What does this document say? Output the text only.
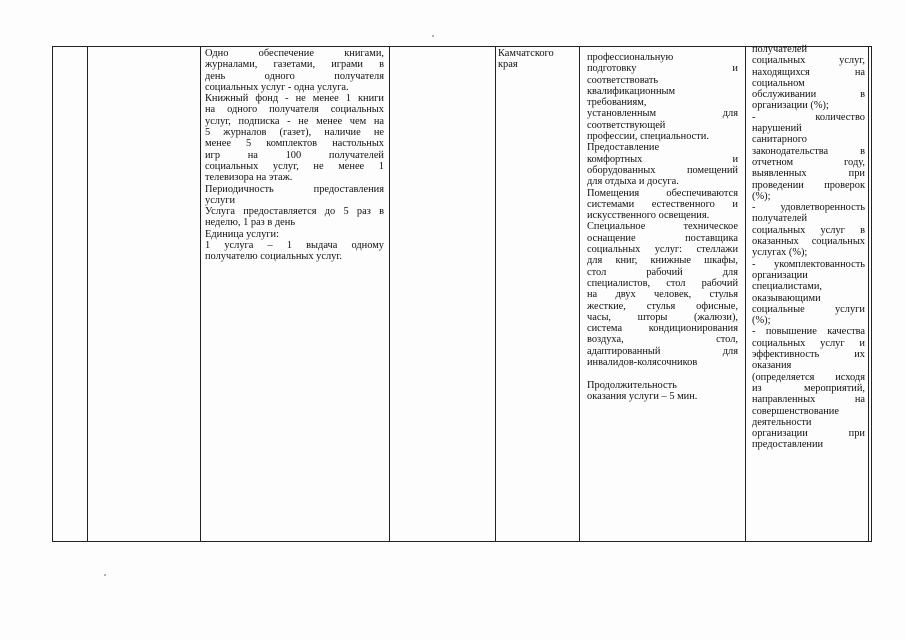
Одно обеспечение книгами,

журналами, газетами, играми в

день одного получателя

социальных услуг - одна услуга.

Книжный фонд - не менее 1 книги

на одного получателя социальных

услуг, подписка - не менее чем на

5 журналов (газет), наличие не

менее 5 комплектов настольных

игр на 100 получателей

социальных услуг, не менее 1

телевизора на этаж.

Периодичность предоставления

услуги

Услуга предоставляется до 5 раз в

неделю, 1 раз в день

Единица услуги:

1 услуга – 1 выдача одному

получателю социальных услуг.

Камчатского

края

профессиональную

подготовку и

соответствовать

квалификационным

требованиям,

установленным для

соответствующей

профессии, специальности.

Предоставление

комфортных и

оборудованных помещений

для отдыха и досуга.

Помещения обеспечиваются

системами естественного и

искусственного освещения.

Специальное техническое

оснащение поставщика

социальных услуг: стеллажи

для книг, книжные шкафы,

стол рабочий для

специалистов, стол рабочий

на двух человек, стулья

жесткие, стулья офисные,

часы, шторы (жалюзи),

система кондиционирования

воздуха, стол,

адаптированный для

инвалидов-колясочников

Продолжительность

оказания услуги – 5 мин.

получателей

социальных услуг,

находящихся на

социальном

обслуживании в

организации (%);

- количество

нарушений

санитарного

законодательства в

отчетном году,

выявленных при

проведении проверок

(%);

- удовлетворенность

получателей

социальных услуг в

оказанных социальных

услугах (%);

- укомплектованность

организации

специалистами,

оказывающими

социальные услуги

(%);

- повышение качества

социальных услуг и

эффективность их

оказания

(определяется исходя

из мероприятий,

направленных на

совершенствование

деятельности

организации при

предоставлении
